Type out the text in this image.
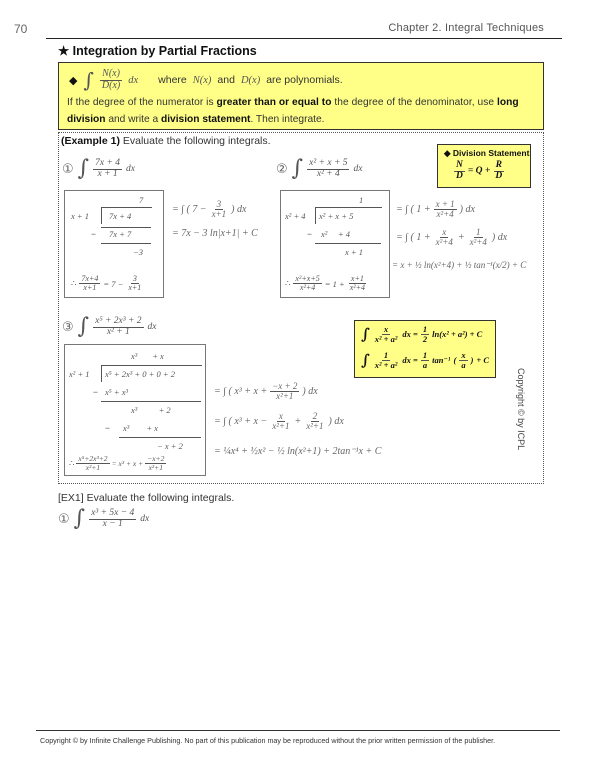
70	Chapter 2. Integral Techniques
★ Integration by Partial Fractions
◆ ∫ $\frac{N(x)}{D(x)}$ dx where N(x) and D(x) are polynomials.
If the degree of the numerator is greater than or equal to the degree of the denominator, use long
division and write a division statement. Then integrate.
(Example 1) Evaluate the following integrals.
① ∫ $\frac{7x + 4}{x + 1}$ dx
7
x + 1 7x + 4
− 7x + 7
−3
∴ $\frac{7x+4}{x+1} = 7 - \frac{3}{x+1}$
= ∫ ( $7 - \frac{3}{x+1}$ ) dx
= 7x − 3 ln|x+1| + C
② ∫ $\frac{\text{x² + x + 5}}{\text{x² + 4}}$ dx
◆ Division Statement
$\frac{N}{D} = Q + \frac{R}{D}$
1
x² + 4 x² + x + 5
− x²     + 4
x + 1
∴ $\frac{\text{x²+x+5}}{\text{x²+4}} = 1 + \frac{x+1}{\text{x²+4}}$
= ∫ ( $1 + \frac{x + 1}{\text{x²+4}}$ ) dx
= ∫ ( $1 + \frac{x}{\text{x²+4}} + \frac{1}{\text{x²+4}}$ ) dx
= x + ½ ln(x²+4) + ½ tan⁻¹(x/2) + C
③ ∫ $\frac{\text{x⁵ + 2x³ + 2}}{\text{x² + 1}}$ dx	∫ $\frac{x}{\text{x² + a²}}$ dx = $\frac{1}{2} \ln(x^2 + a^2) + C$
∫ $\frac{1}{\text{x² + a²}}$ dx = $\frac{1}{a} \tan^{-1}$ ( $\frac{x}{a}$ ) + C
x³       + x
x² + 1 x⁵ + 2x³ + 0 + 0 + 2
− x⁵ + x³
x³          + 2
− x³        + x
− x + 2
∴ $\frac{\text{x⁵+2x³+2}}{\text{x²+1}} = x^3 + x + \frac{-x+2}{\text{x²+1}}$
= ∫ ( $x^3 + x + \frac{-x + 2}{\text{x²+1}}$ ) dx
= ∫ ( $x^3 + x - \frac{x}{\text{x²+1}} + \frac{2}{\text{x²+1}}$ ) dx
= ¼x⁴ + ½x² − ½ ln(x²+1) + 2tan⁻¹x + C
Copyright © by ICPL
[EX1] Evaluate the following integrals.
① ∫ $\frac{\text{x³ + 5x − 4}}{x - 1}$ dx
Copyright © by Infinite Challenge Publishing. No part of this publication may be reproduced without the prior written permission of the publisher.
